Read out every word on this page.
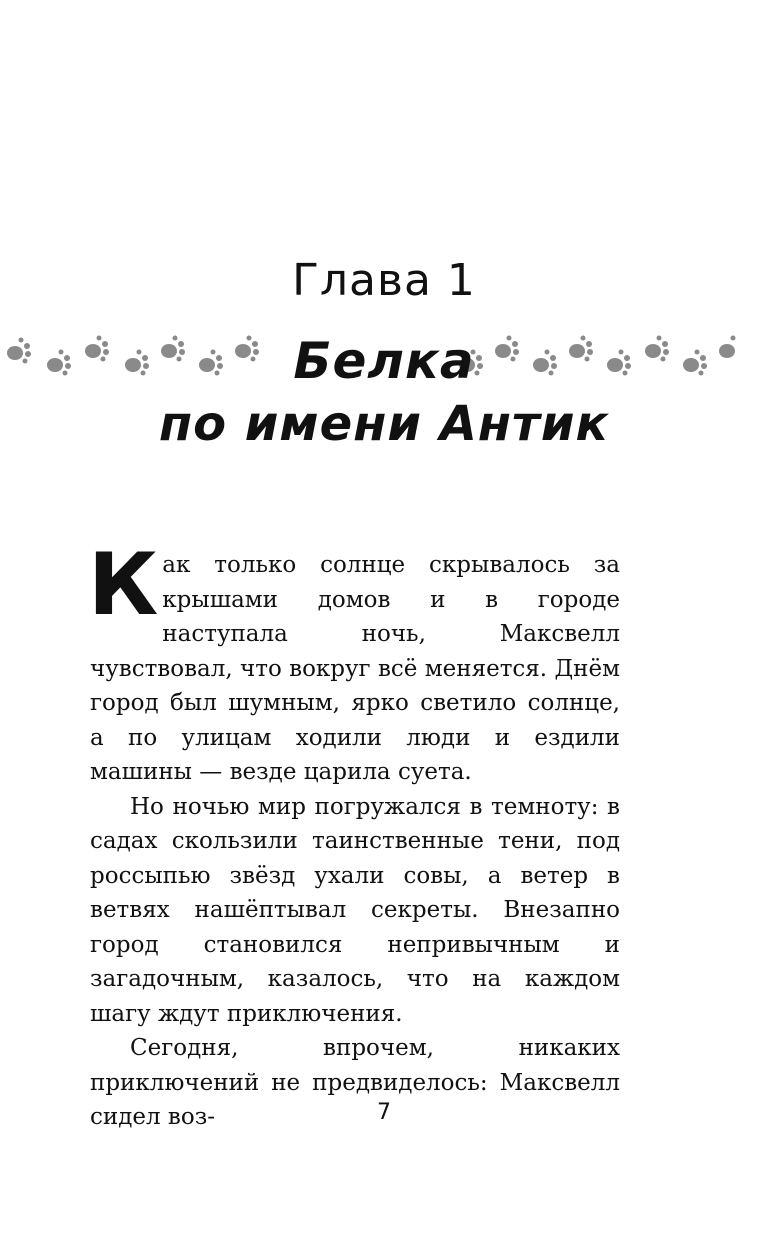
Глава 1
Белка
по имени Антик

Как только солнце скрывалось за крышами домов и в городе наступала ночь, Максвелл чувствовал, что вокруг всё меняется. Днём город был шумным, ярко светило солнце, а по улицам ходили люди и ездили машины — везде царила суета.

Но ночью мир погружался в темноту: в садах скользили таинственные тени, под россыпью звёзд ухали совы, а ветер в ветвях нашёптывал секреты. Внезапно город становился непривычным и загадочным, казалось, что на каждом шагу ждут приключения.

Сегодня, впрочем, никаких приключений не предвиделось: Максвелл сидел воз-	7
